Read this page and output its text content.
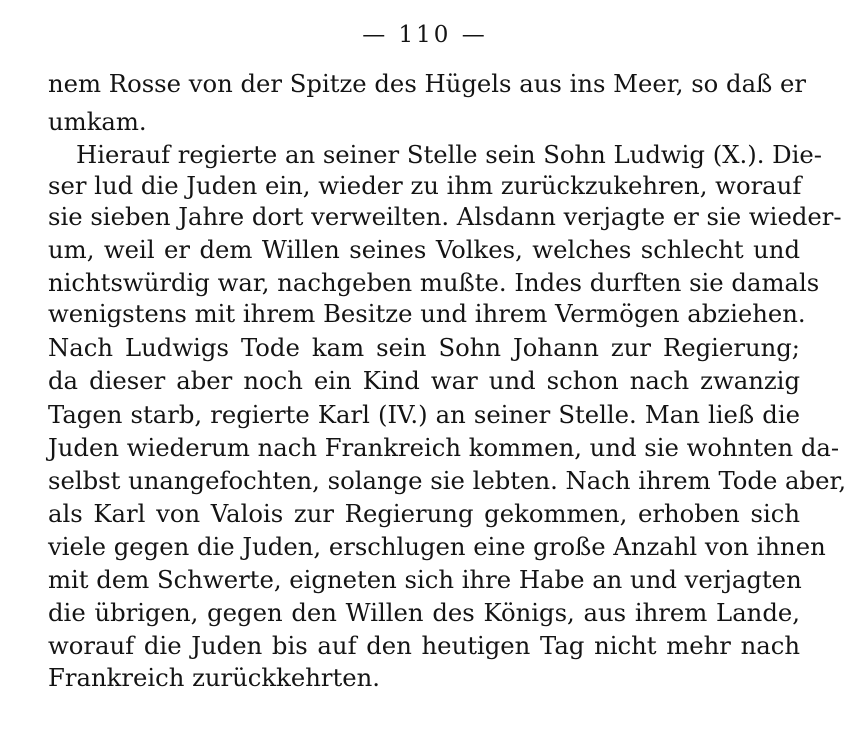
— 110 —
nem Rosse von der Spitze des Hügels aus ins Meer, so daß er
umkam.
Hierauf regierte an seiner Stelle sein Sohn Ludwig (X.). Die-
ser lud die Juden ein, wieder zu ihm zurückzukehren, worauf
sie sieben Jahre dort verweilten. Alsdann verjagte er sie wieder-
um, weil er dem Willen seines Volkes, welches schlecht und
nichtswürdig war, nachgeben mußte. Indes durften sie damals
wenigstens mit ihrem Besitze und ihrem Vermögen abziehen.
Nach Ludwigs Tode kam sein Sohn Johann zur Regierung;
da dieser aber noch ein Kind war und schon nach zwanzig
Tagen starb, regierte Karl (IV.) an seiner Stelle. Man ließ die
Juden wiederum nach Frankreich kommen, und sie wohnten da-
selbst unangefochten, solange sie lebten. Nach ihrem Tode aber,
als Karl von Valois zur Regierung gekommen, erhoben sich
viele gegen die Juden, erschlugen eine große Anzahl von ihnen
mit dem Schwerte, eigneten sich ihre Habe an und verjagten
die übrigen, gegen den Willen des Königs, aus ihrem Lande,
worauf die Juden bis auf den heutigen Tag nicht mehr nach
Frankreich zurückkehrten.
